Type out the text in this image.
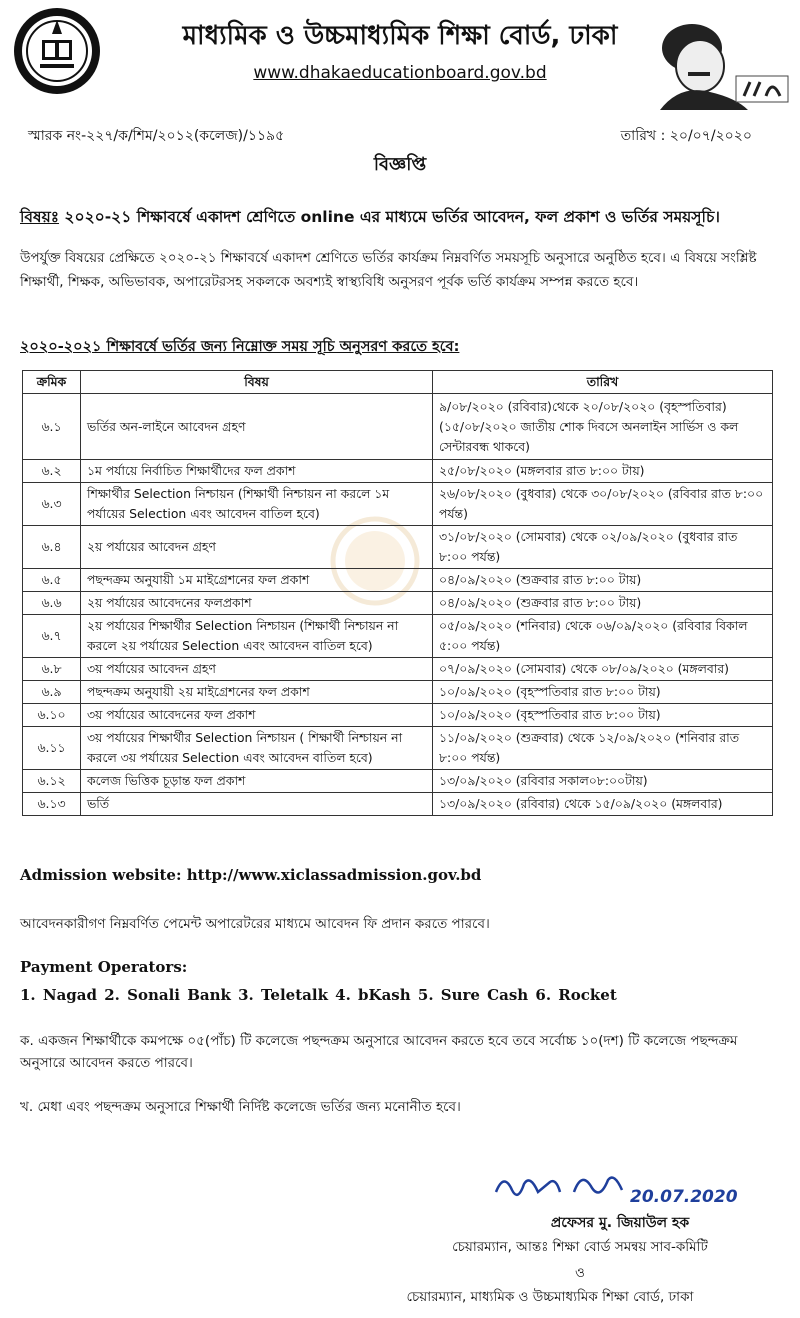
মাধ্যমিক ও উচ্চমাধ্যমিক শিক্ষা বোর্ড, ঢাকা
www.dhakaeducationboard.gov.bd
স্মারক নং-২২৭/ক/শিম/২০১২(কলেজ)/১১৯৫	তারিখ : ২০/০৭/২০২০
বিজ্ঞপ্তি
বিষয়ঃ ২০২০-২১ শিক্ষাবর্ষে একাদশ শ্রেণিতে online এর মাধ্যমে ভর্তির আবেদন, ফল প্রকাশ ও ভর্তির সময়সূচি।
উপর্যুক্ত বিষয়ের প্রেক্ষিতে ২০২০-২১ শিক্ষাবর্ষে একাদশ শ্রেণিতে ভর্তির কার্যক্রম নিম্নবর্ণিত সময়সূচি অনুসারে অনুষ্ঠিত হবে। এ বিষয়ে সংশ্লিষ্ট শিক্ষার্থী, শিক্ষক, অভিভাবক, অপারেটরসহ সকলকে অবশ্যই স্বাস্থ্যবিধি অনুসরণ পূর্বক ভর্তি কার্যক্রম সম্পন্ন করতে হবে।
২০২০-২০২১ শিক্ষাবর্ষে ভর্তির জন্য নিম্নোক্ত সময় সূচি অনুসরণ করতে হবে:
ক্রমিক	বিষয়	তারিখ
৬.১	ভর্তির অন-লাইনে আবেদন গ্রহণ	৯/০৮/২০২০ (রবিবার)থেকে ২০/০৮/২০২০ (বৃহস্পতিবার) (১৫/০৮/২০২০ জাতীয় শোক দিবসে অনলাইন সার্ভিস ও কল সেন্টারবন্ধ থাকবে)
৬.২	১ম পর্যায়ে নির্বাচিত শিক্ষার্থীদের ফল প্রকাশ	২৫/০৮/২০২০ (মঙ্গলবার রাত ৮:০০ টায়)
৬.৩	শিক্ষার্থীর Selection নিশ্চায়ন (শিক্ষার্থী নিশ্চায়ন না করলে ১ম পর্যায়ের Selection এবং আবেদন বাতিল হবে)	২৬/০৮/২০২০ (বুধবার) থেকে ৩০/০৮/২০২০ (রবিবার রাত ৮:০০ পর্যন্ত)
৬.৪	২য় পর্যায়ের আবেদন গ্রহণ	৩১/০৮/২০২০ (সোমবার) থেকে ০২/০৯/২০২০ (বুধবার রাত ৮:০০ পর্যন্ত)
৬.৫	পছন্দক্রম অনুযায়ী ১ম মাইগ্রেশনের ফল প্রকাশ	০৪/০৯/২০২০ (শুক্রবার রাত ৮:০০ টায়)
৬.৬	২য় পর্যায়ের আবেদনের ফলপ্রকাশ	০৪/০৯/২০২০ (শুক্রবার রাত ৮:০০ টায়)
৬.৭	২য় পর্যায়ের শিক্ষার্থীর Selection নিশ্চায়ন (শিক্ষার্থী নিশ্চায়ন না করলে ২য় পর্যায়ের Selection এবং আবেদন বাতিল হবে)	০৫/০৯/২০২০ (শনিবার) থেকে ০৬/০৯/২০২০ (রবিবার বিকাল ৫:০০ পর্যন্ত)
৬.৮	৩য় পর্যায়ের আবেদন গ্রহণ	০৭/০৯/২০২০ (সোমবার) থেকে ০৮/০৯/২০২০ (মঙ্গলবার)
৬.৯	পছন্দক্রম অনুযায়ী ২য় মাইগ্রেশনের ফল প্রকাশ	১০/০৯/২০২০ (বৃহস্পতিবার রাত ৮:০০ টায়)
৬.১০	৩য় পর্যায়ের আবেদনের ফল প্রকাশ	১০/০৯/২০২০ (বৃহস্পতিবার রাত ৮:০০ টায়)
৬.১১	৩য় পর্যায়ের শিক্ষার্থীর Selection নিশ্চায়ন ( শিক্ষার্থী নিশ্চায়ন না করলে ৩য় পর্যায়ের Selection এবং আবেদন বাতিল হবে)	১১/০৯/২০২০ (শুক্রবার) থেকে ১২/০৯/২০২০ (শনিবার রাত ৮:০০ পর্যন্ত)
৬.১২	কলেজ ভিত্তিক চূড়ান্ত ফল প্রকাশ	১৩/০৯/২০২০ (রবিবার সকাল০৮:০০টায়)
৬.১৩	ভর্তি	১৩/০৯/২০২০ (রবিবার) থেকে ১৫/০৯/২০২০ (মঙ্গলবার)
Admission website: http://www.xiclassadmission.gov.bd
আবেদনকারীগণ নিম্নবর্ণিত পেমেন্ট অপারেটরের মাধ্যমে আবেদন ফি প্রদান করতে পারবে।
Payment Operators:
1. Nagad 2. Sonali Bank 3. Teletalk 4. bKash 5. Sure Cash 6. Rocket
ক. একজন শিক্ষার্থীকে কমপক্ষে ০৫(পাঁচ) টি কলেজে পছন্দক্রম অনুসারে আবেদন করতে হবে তবে সর্বোচ্চ ১০(দশ) টি কলেজে পছন্দক্রম অনুসারে আবেদন করতে পারবে।
খ. মেধা এবং পছন্দক্রম অনুসারে শিক্ষার্থী নির্দিষ্ট কলেজে ভর্তির জন্য মনোনীত হবে।
20.07.2020
প্রফেসর মু. জিয়াউল হক
চেয়ারম্যান, আন্তঃ শিক্ষা বোর্ড সমন্বয় সাব-কমিটি
ও
চেয়ারম্যান, মাধ্যমিক ও উচ্চমাধ্যমিক শিক্ষা বোর্ড, ঢাকা
